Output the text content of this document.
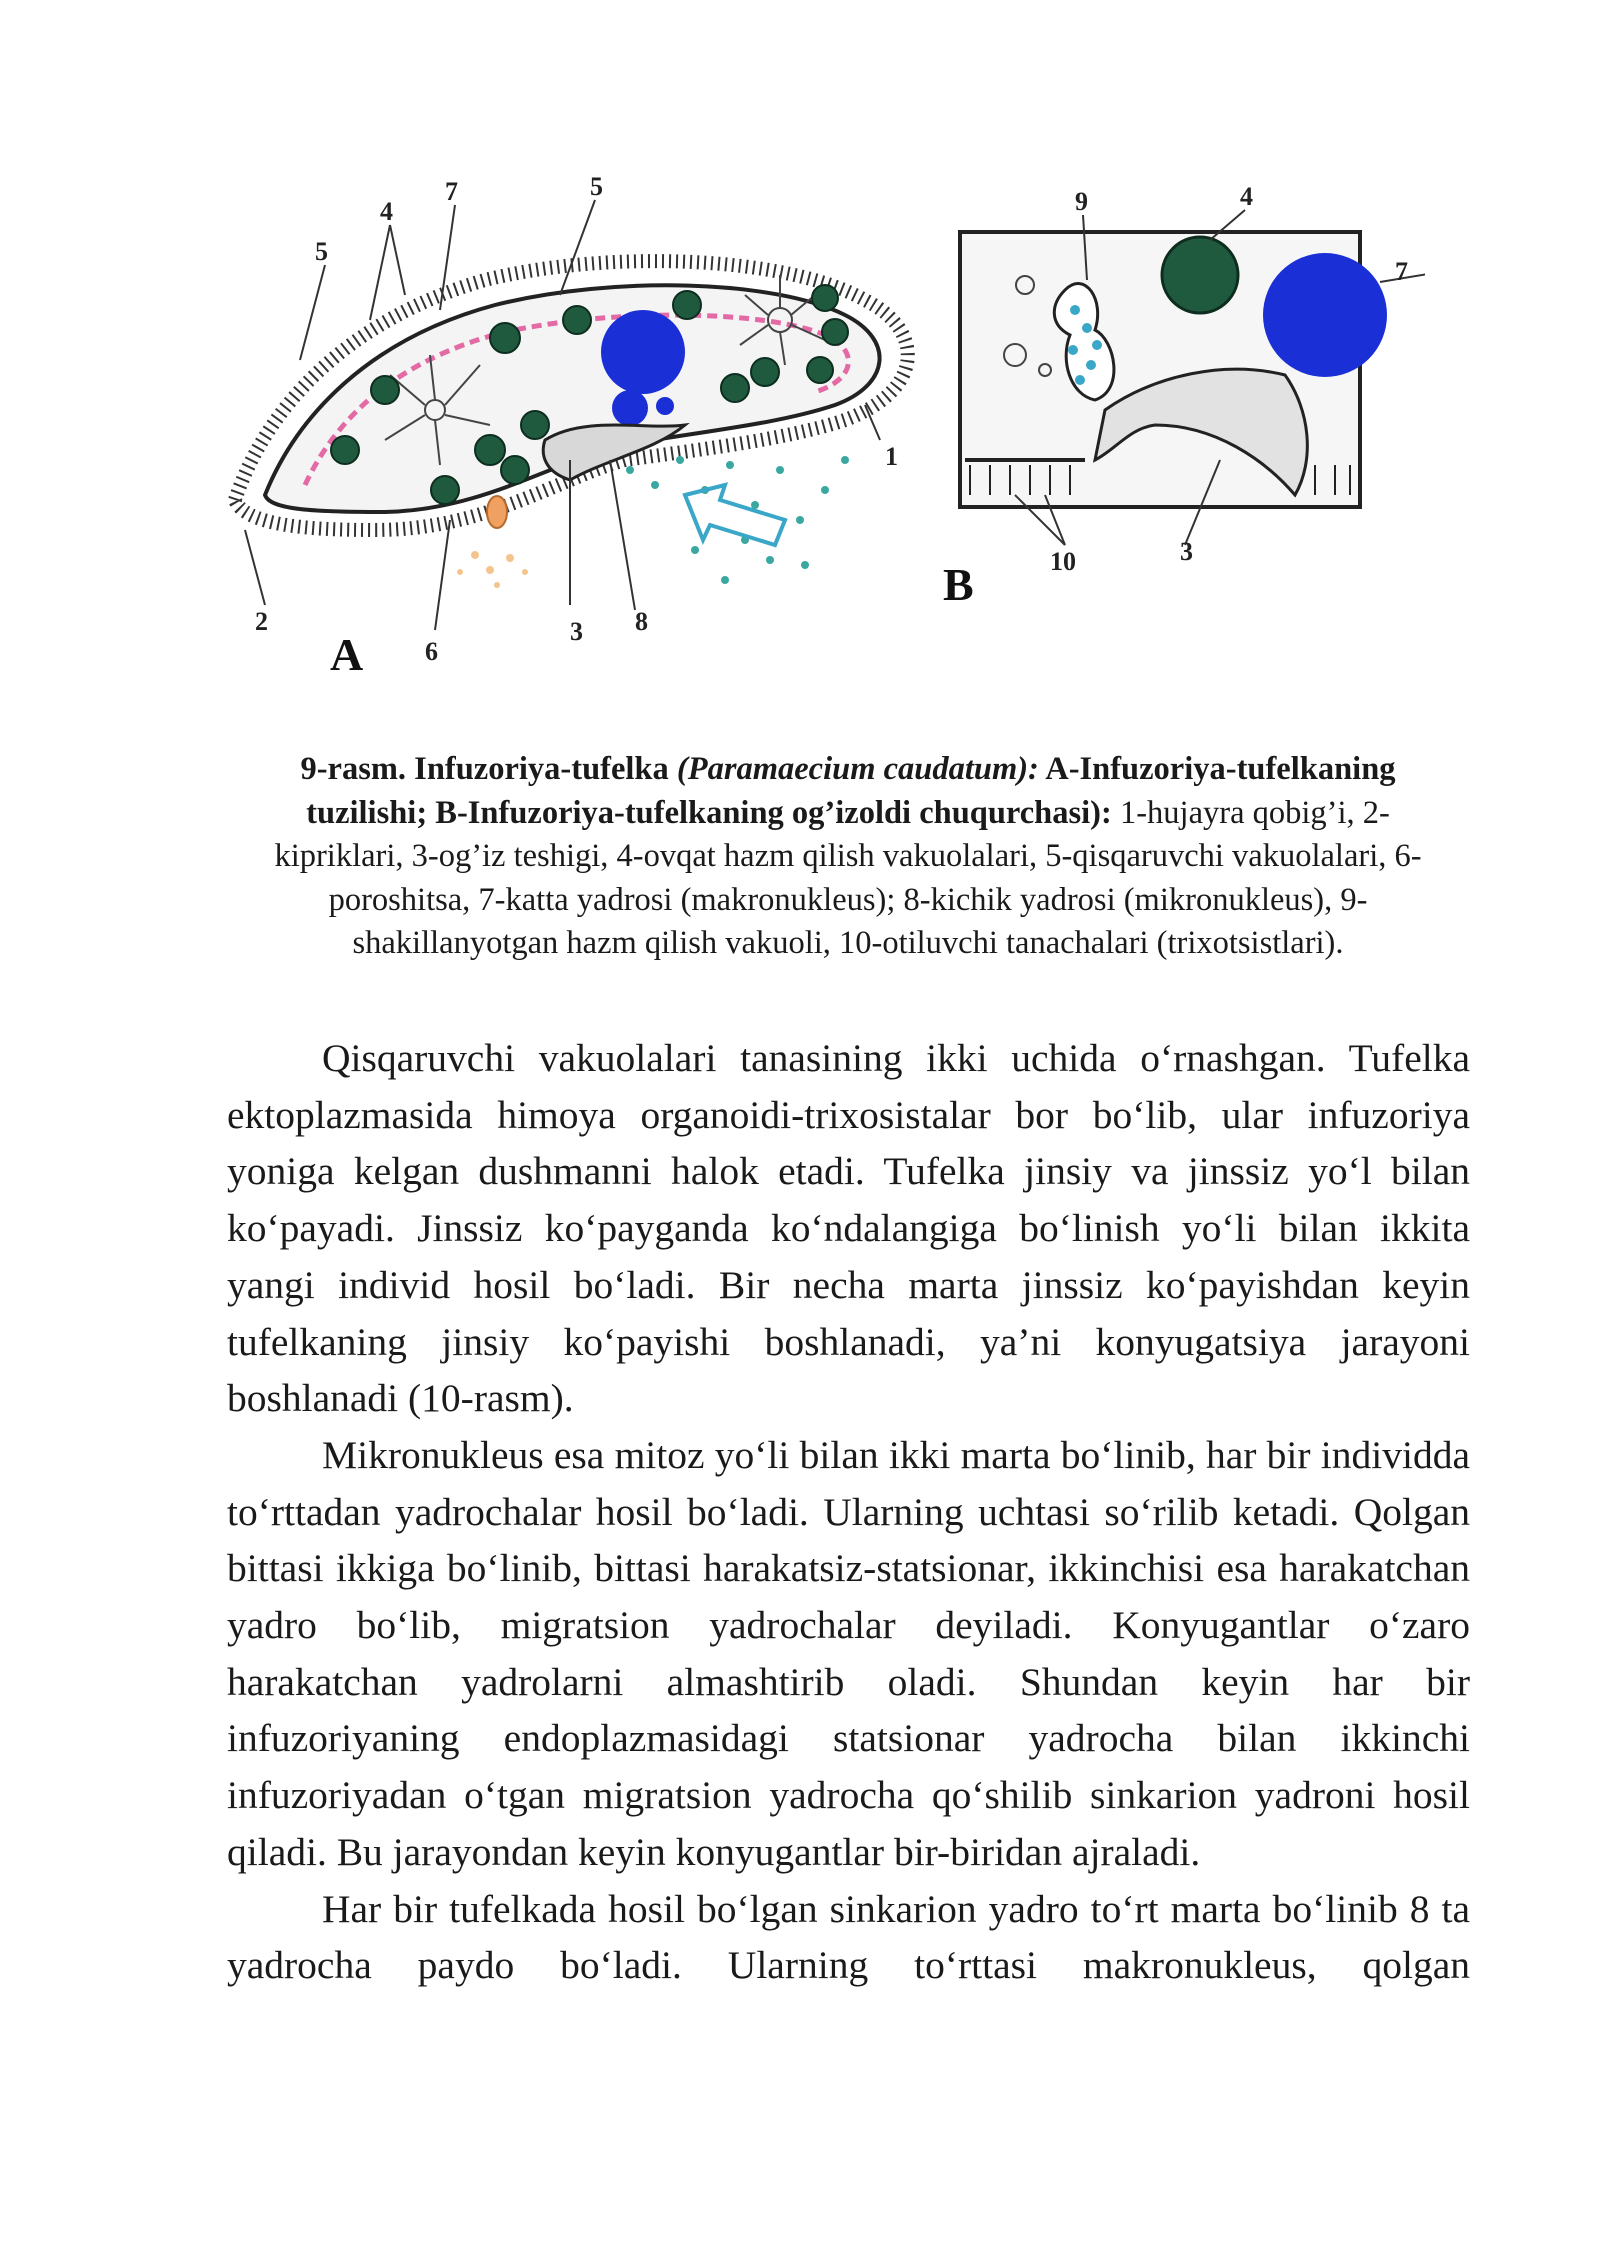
5
4
7	5
1
2
6
3 8
A
9	4
7
10	3
B
9-rasm. Infuzoriya-tufelka (Paramaecium caudatum): A-Infuzoriya-tufelkaning tuzilishi; B-Infuzoriya-tufelkaning og’izoldi chuqurchasi): 1-hujayra qobig’i, 2-kipriklari, 3-og’iz teshigi, 4-ovqat hazm qilish vakuolalari, 5-qisqaruvchi vakuolalari, 6-poroshitsa, 7-katta yadrosi (makronukleus); 8-kichik yadrosi (mikronukleus), 9-shakillanyotgan hazm qilish vakuoli, 10-otiluvchi tanachalari (trixotsistlari).

Qisqaruvchi vakuolalari tanasining ikki uchida o‘rnashgan. Tufelka ektoplazmasida himoya organoidi-trixosistalar bor bo‘lib, ular infuzoriya yoniga kelgan dushmanni halok etadi. Tufelka jinsiy va jinssiz yo‘l bilan ko‘payadi. Jinssiz ko‘payganda ko‘ndalangiga bo‘linish yo‘li bilan ikkita yangi individ hosil bo‘ladi. Bir necha marta jinssiz ko‘payishdan keyin tufelkaning jinsiy ko‘payishi boshlanadi, ya’ni konyugatsiya jarayoni boshlanadi (10-rasm).

Mikronukleus esa mitoz yo‘li bilan ikki marta bo‘linib, har bir individda to‘rttadan yadrochalar hosil bo‘ladi. Ularning uchtasi so‘rilib ketadi. Qolgan bittasi ikkiga bo‘linib, bittasi harakatsiz-statsionar, ikkinchisi esa harakatchan yadro bo‘lib, migratsion yadrochalar deyiladi. Konyugantlar o‘zaro harakatchan yadrolarni almashtirib oladi. Shundan keyin har bir infuzoriyaning endoplazmasidagi statsionar yadrocha bilan ikkinchi infuzoriyadan o‘tgan migratsion yadrocha qo‘shilib sinkarion yadroni hosil qiladi. Bu jarayondan keyin konyugantlar bir-biridan ajraladi.

Har bir tufelkada hosil bo‘lgan sinkarion yadro to‘rt marta bo‘linib 8 ta yadrocha paydo bo‘ladi. Ularning to‘rttasi makronukleus, qolgan
